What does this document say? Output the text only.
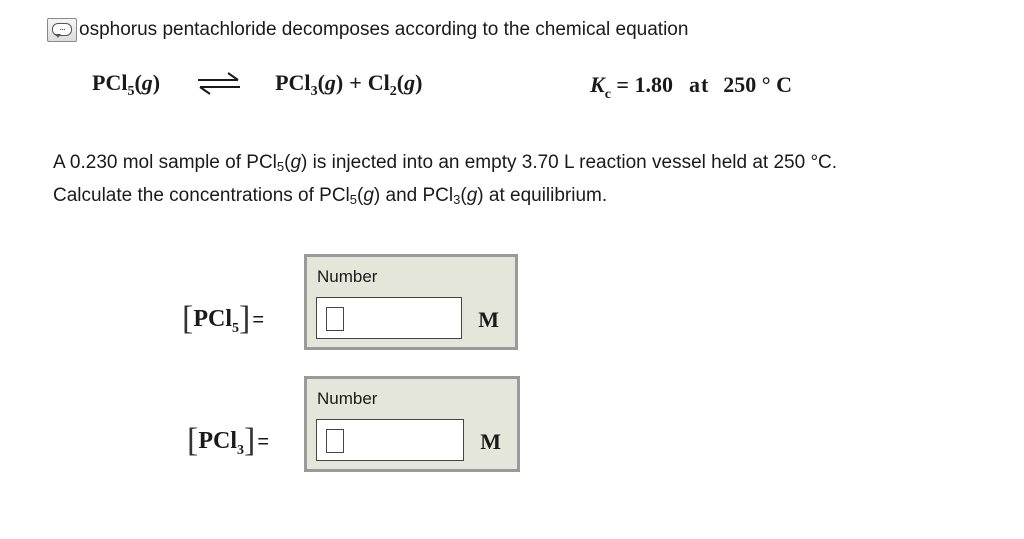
... osphorus pentachloride decomposes according to the chemical equation
PCl$_5$(g)	$PCl_3(g) + Cl_2(g)$	$K_c = 1.80$ at 250 ° C
A 0.230 mol sample of PCl$_5$(g) is injected into an empty 3.70 L reaction vessel held at 250 °C.
Calculate the concentrations of PCl$_5$(g) and PCl$_3$(g) at equilibrium.
[PCl$_5$] =
Number
M
[PCl$_3$] =
Number
M
